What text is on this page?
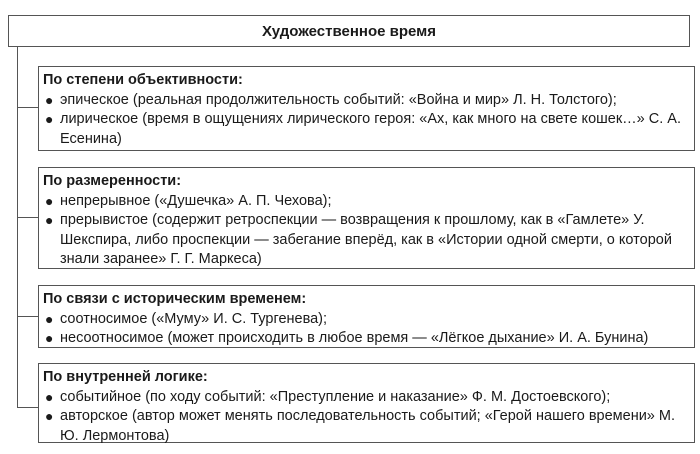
Художественное время

По степени объективности:

● эпическое (реальная продолжительность событий: «Война и мир» Л. Н. Толстого);
● лирическое (время в ощущениях лирического героя: «Ах, как много на свете кошек…» С. А. Есенина)

По размеренности:

● непрерывное («Душечка» А. П. Чехова);
● прерывистое (содержит ретроспекции — возвращения к прошлому, как в «Гамлете» У. Шекспира, либо проспекции — забегание вперёд, как в «Истории одной смерти, о которой знали заранее» Г. Г. Маркеса)

По связи с историческим временем:

● соотносимое («Муму» И. С. Тургенева);
● несоотносимое (может происходить в любое время — «Лёгкое дыхание» И. А. Бунина)

По внутренней логике:

● событийное (по ходу событий: «Преступление и наказание» Ф. М. Достоевского);
● авторское (автор может менять последовательность событий; «Герой нашего времени» М. Ю. Лермонтова)
